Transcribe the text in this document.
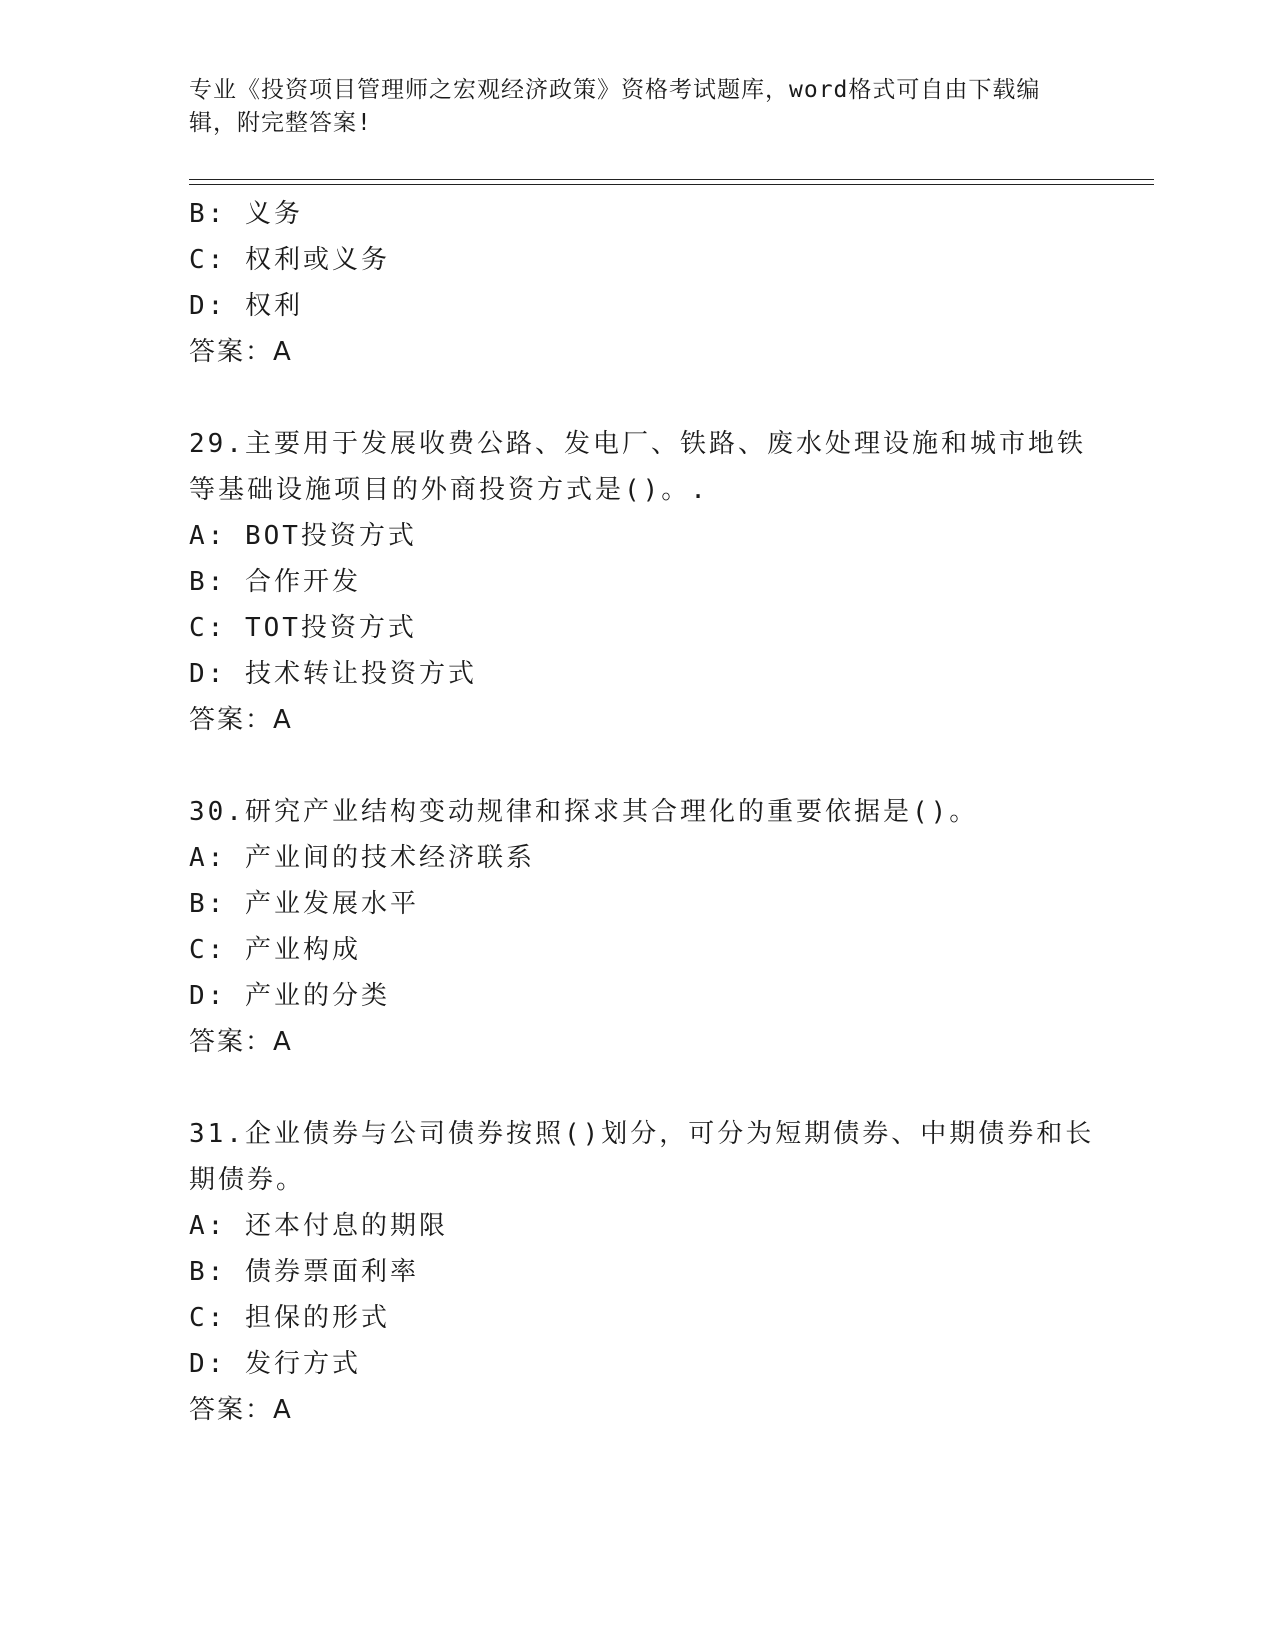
专业《投资项目管理师之宏观经济政策》资格考试题库，word格式可自由下载编
辑，附完整答案!
B: 义务
C: 权利或义务
D: 权利
答案：A
29.主要用于发展收费公路、发电厂、铁路、废水处理设施和城市地铁
等基础设施项目的外商投资方式是()。.
A: BOT投资方式
B: 合作开发
C: TOT投资方式
D: 技术转让投资方式
答案：A
30.研究产业结构变动规律和探求其合理化的重要依据是()。
A: 产业间的技术经济联系
B: 产业发展水平
C: 产业构成
D: 产业的分类
答案：A
31.企业债券与公司债券按照()划分，可分为短期债券、中期债券和长
期债券。
A: 还本付息的期限
B: 债券票面利率
C: 担保的形式
D: 发行方式
答案：A
